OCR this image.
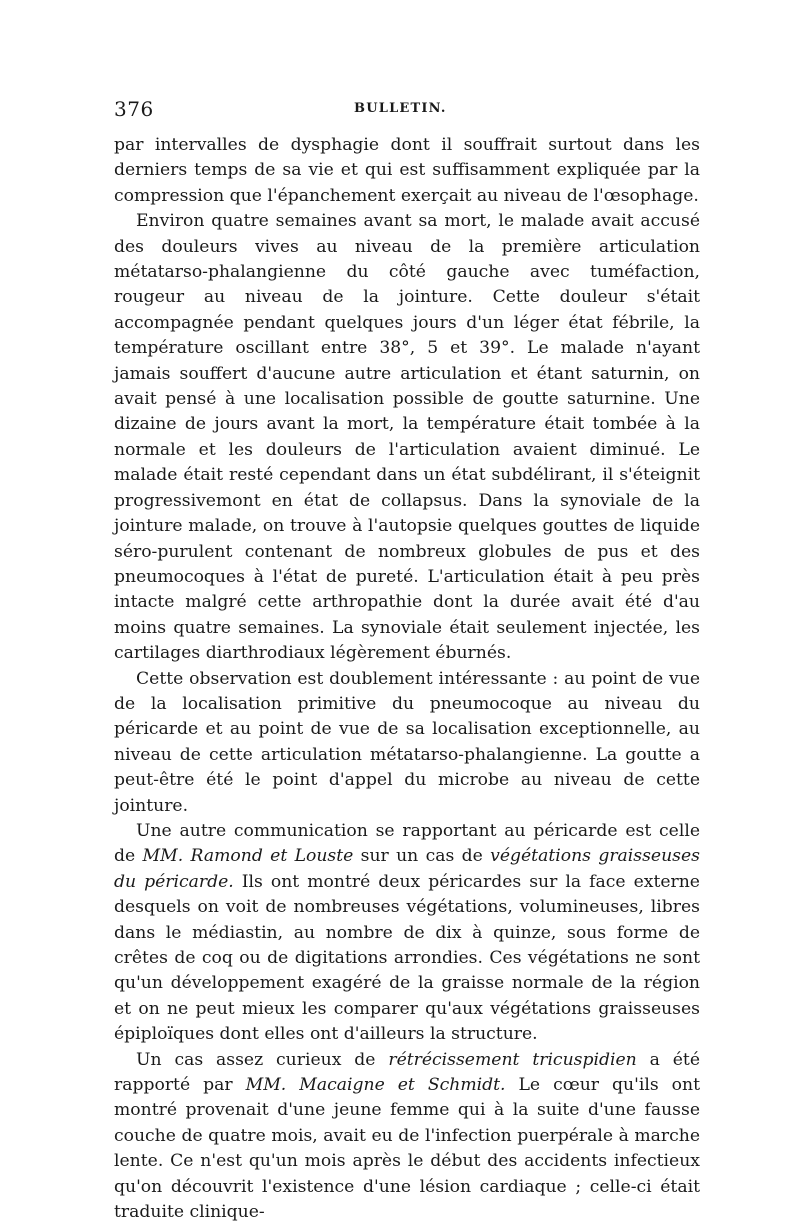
376	BULLETIN.

par intervalles de dysphagie dont il souffrait surtout dans les derniers temps de sa vie et qui est suffisamment expliquée par la compression que l'épanchement exerçait au niveau de l'œsophage.

Environ quatre semaines avant sa mort, le malade avait accusé des douleurs vives au niveau de la première articulation métatarso-phalangienne du côté gauche avec tuméfaction, rougeur au niveau de la jointure. Cette douleur s'était accompagnée pendant quelques jours d'un léger état fébrile, la température oscillant entre 38°, 5 et 39°. Le malade n'ayant jamais souffert d'aucune autre articulation et étant saturnin, on avait pensé à une localisation possible de goutte saturnine. Une dizaine de jours avant la mort, la température était tombée à la normale et les douleurs de l'articulation avaient diminué. Le malade était resté cependant dans un état subdélirant, il s'éteignit progressivemont en état de collapsus. Dans la synoviale de la jointure malade, on trouve à l'autopsie quelques gouttes de liquide séro-purulent contenant de nombreux globules de pus et des pneumocoques à l'état de pureté. L'articulation était à peu près intacte malgré cette arthropathie dont la durée avait été d'au moins quatre semaines. La synoviale était seulement injectée, les cartilages diarthrodiaux légèrement éburnés.

Cette observation est doublement intéressante : au point de vue de la localisation primitive du pneumocoque au niveau du péricarde et au point de vue de sa localisation exceptionnelle, au niveau de cette articulation métatarso-phalangienne. La goutte a peut-être été le point d'appel du microbe au niveau de cette jointure.

Une autre communication se rapportant au péricarde est celle de MM. Ramond et Louste sur un cas de végétations graisseuses du péricarde. Ils ont montré deux péricardes sur la face externe desquels on voit de nombreuses végétations, volumineuses, libres dans le médiastin, au nombre de dix à quinze, sous forme de crêtes de coq ou de digitations arrondies. Ces végétations ne sont qu'un développement exagéré de la graisse normale de la région et on ne peut mieux les comparer qu'aux végétations graisseuses épiploïques dont elles ont d'ailleurs la structure.

Un cas assez curieux de rétrécissement tricuspidien a été rapporté par MM. Macaigne et Schmidt. Le cœur qu'ils ont montré provenait d'une jeune femme qui à la suite d'une fausse couche de quatre mois, avait eu de l'infection puerpérale à marche lente. Ce n'est qu'un mois après le début des accidents infectieux qu'on découvrit l'existence d'une lésion cardiaque ; celle-ci était traduite clinique-
